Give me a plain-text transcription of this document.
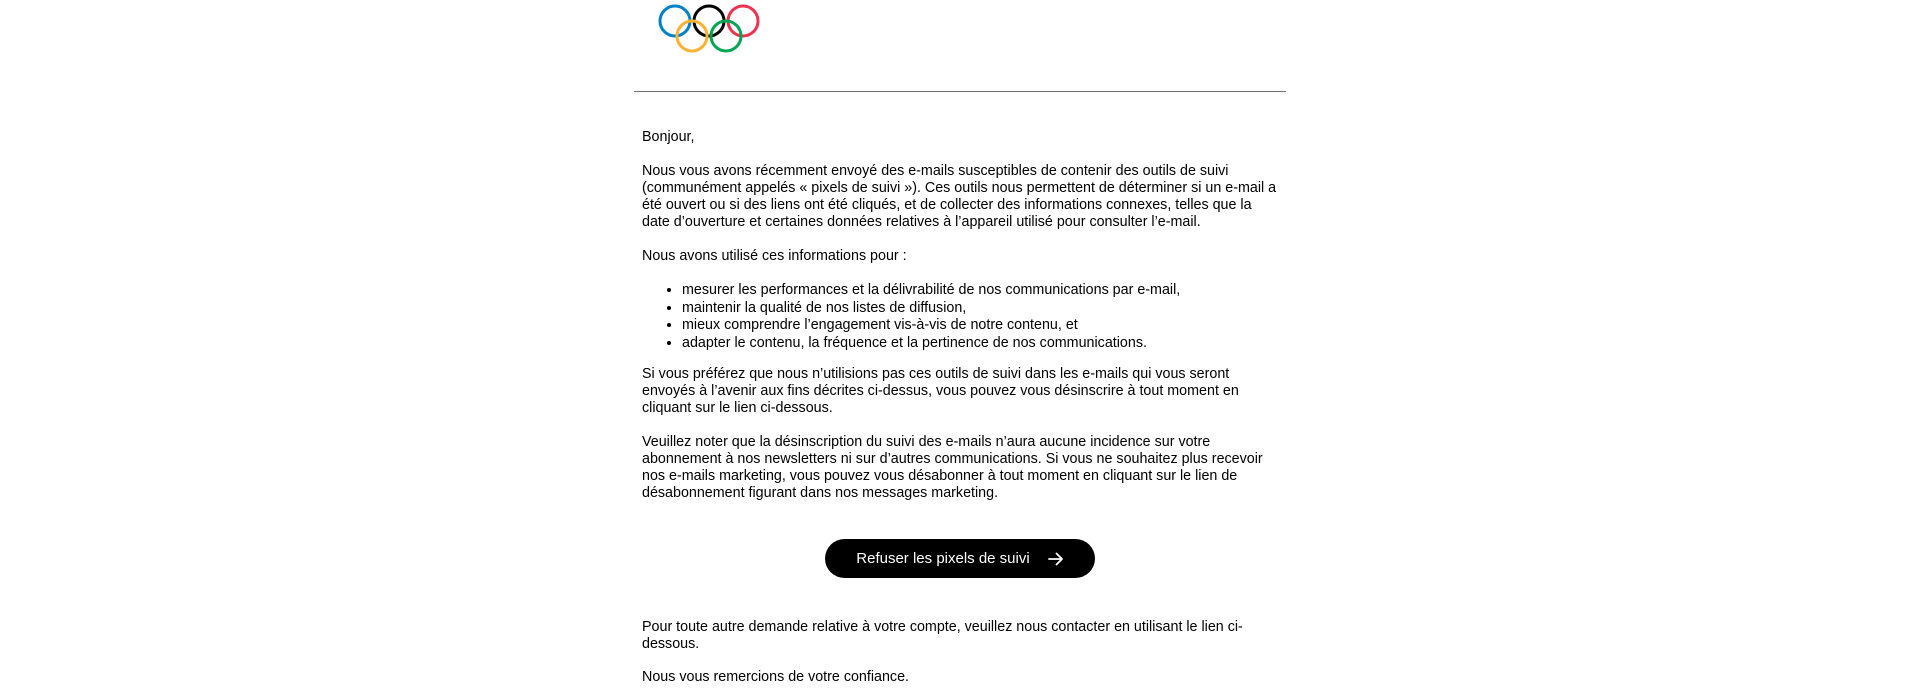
Bonjour,

Nous vous avons récemment envoyé des e-mails susceptibles de contenir des outils de suivi (communément appelés « pixels de suivi »). Ces outils nous permettent de déterminer si un e-mail a été ouvert ou si des liens ont été cliqués, et de collecter des informations connexes, telles que la date d’ouverture et certaines données relatives à l’appareil utilisé pour consulter l’e-mail.

Nous avons utilisé ces informations pour :

• mesurer les performances et la délivrabilité de nos communications par e-mail,
• maintenir la qualité de nos listes de diffusion,
• mieux comprendre l’engagement vis-à-vis de notre contenu, et
• adapter le contenu, la fréquence et la pertinence de nos communications.

Si vous préférez que nous n’utilisions pas ces outils de suivi dans les e-mails qui vous seront envoyés à l’avenir aux fins décrites ci-dessus, vous pouvez vous désinscrire à tout moment en cliquant sur le lien ci-dessous.

Veuillez noter que la désinscription du suivi des e-mails n’aura aucune incidence sur votre abonnement à nos newsletters ni sur d’autres communications. Si vous ne souhaitez plus recevoir nos e-mails marketing, vous pouvez vous désabonner à tout moment en cliquant sur le lien de désabonnement figurant dans nos messages marketing.

Refuser les pixels de suivi

Pour toute autre demande relative à votre compte, veuillez nous contacter en utilisant le lien ci-dessous.

Nous vous remercions de votre confiance.
